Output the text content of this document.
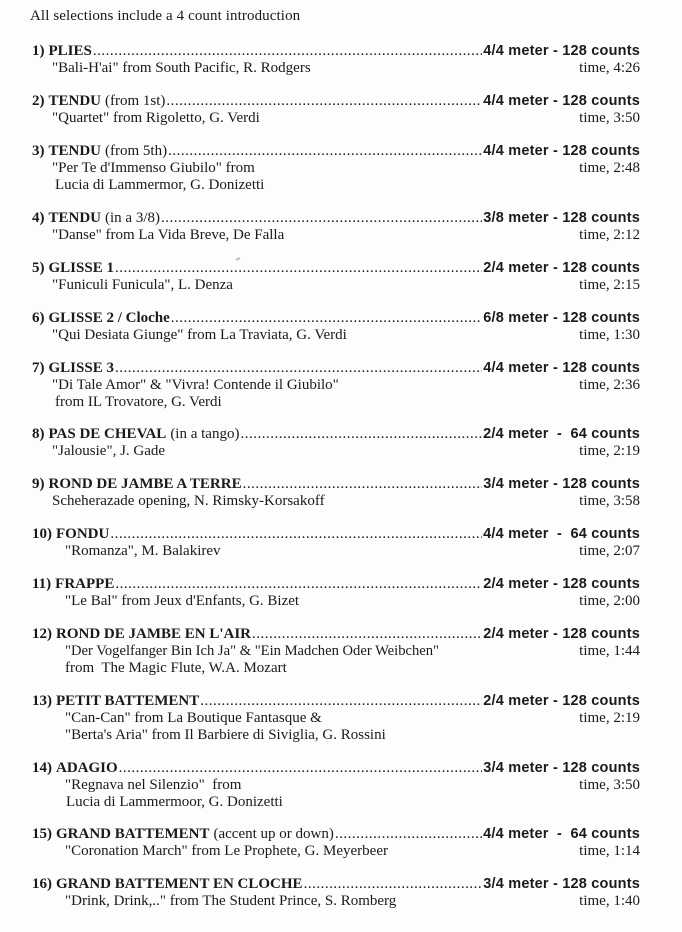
All selections include a 4 count introduction
1) PLIES .....	4/4 meter - 128 counts
"Bali-H'ai" from South Pacific, R. Rodgers	time, 4:26
2) TENDU (from 1st) .....	4/4 meter - 128 counts
"Quartet" from Rigoletto, G. Verdi	time, 3:50
3) TENDU (from 5th) .....	4/4 meter - 128 counts
"Per Te d'Immenso Giubilo" from	time, 2:48
Lucia di Lammermor, G. Donizetti
4) TENDU (in a 3/8) .....	3/8 meter - 128 counts
"Danse" from La Vida Breve, De Falla	time, 2:12
5) GLISSE 1 .....	2/4 meter - 128 counts
"Funiculi Funicula", L. Denza	time, 2:15
6) GLISSE 2 / Cloche .....	6/8 meter - 128 counts
"Qui Desiata Giunge" from La Traviata, G. Verdi	time, 1:30
7) GLISSE 3 .....	4/4 meter - 128 counts
"Di Tale Amor" & "Vivra! Contende il Giubilo"	time, 2:36
from IL Trovatore, G. Verdi
8) PAS DE CHEVAL (in a tango) .....	2/4 meter  -  64 counts
"Jalousie", J. Gade	time, 2:19
9) ROND DE JAMBE A TERRE .....	3/4 meter - 128 counts
Scheherazade opening, N. Rimsky-Korsakoff	time, 3:58
10) FONDU .....	4/4 meter  -  64 counts
"Romanza", M. Balakirev	time, 2:07
11) FRAPPE .....	2/4 meter - 128 counts
"Le Bal" from Jeux d'Enfants, G. Bizet	time, 2:00
12) ROND DE JAMBE EN L'AIR .....	2/4 meter - 128 counts
"Der Vogelfanger Bin Ich Ja" & "Ein Madchen Oder Weibchen"	time, 1:44
from  The Magic Flute, W.A. Mozart
13) PETIT BATTEMENT .....	2/4 meter - 128 counts
"Can-Can" from La Boutique Fantasque &	time, 2:19
"Berta's Aria" from Il Barbiere di Siviglia, G. Rossini
14) ADAGIO .....	3/4 meter - 128 counts
"Regnava nel Silenzio"  from	time, 3:50
Lucia di Lammermoor, G. Donizetti
15) GRAND BATTEMENT (accent up or down) .....	4/4 meter  -  64 counts
"Coronation March" from Le Prophete, G. Meyerbeer	time, 1:14
16) GRAND BATTEMENT EN CLOCHE .....	3/4 meter - 128 counts
"Drink, Drink,.." from The Student Prince, S. Romberg	time, 1:40
